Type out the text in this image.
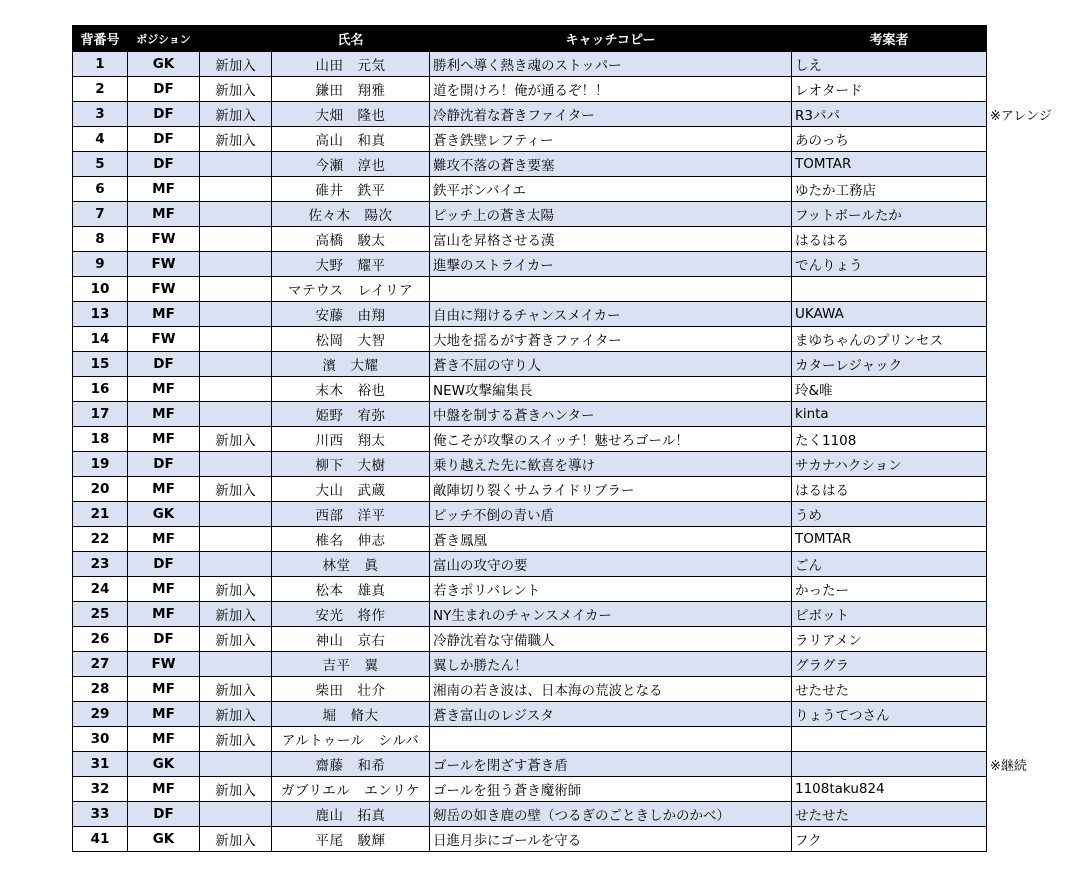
背番号	ポジション		氏名	キャッチコピー	考案者
1	GK	新加入	山田　元気	勝利へ導く熱き魂のストッパー	しえ
2	DF	新加入	鎌田　翔雅	道を開けろ！俺が通るぞ！！	レオタード
3	DF	新加入	大畑　隆也	冷静沈着な蒼きファイター	R3パパ
4	DF	新加入	高山　和真	蒼き鉄壁レフティー	あのっち
5	DF		今瀬　淳也	難攻不落の蒼き要塞	TOMTAR
6	MF		碓井　鉄平	鉄平ボンバイエ	ゆたか工務店
7	MF		佐々木　陽次	ピッチ上の蒼き太陽	フットボールたか
8	FW		高橋　駿太	富山を昇格させる漢	はるはる
9	FW		大野　耀平	進撃のストライカー	でんりょう
10	FW		マテウス　レイリア		
13	MF		安藤　由翔	自由に翔けるチャンスメイカー	UKAWA
14	FW		松岡　大智	大地を揺るがす蒼きファイター	まゆちゃんのプリンセス
15	DF		濱　大耀	蒼き不屈の守り人	カターレジャック
16	MF		末木　裕也	NEW攻撃編集長	玲&唯
17	MF		姫野　宥弥	中盤を制する蒼きハンター	kinta
18	MF	新加入	川西　翔太	俺こそが攻撃のスイッチ！魅せろゴール！	たく1108
19	DF		柳下　大樹	乗り越えた先に歓喜を導け	サカナハクション
20	MF	新加入	大山　武蔵	敵陣切り裂くサムライドリブラー	はるはる
21	GK		西部　洋平	ピッチ不倒の青い盾	うめ
22	MF		椎名　伸志	蒼き鳳凰	TOMTAR
23	DF		林堂　眞	富山の攻守の要	ごん
24	MF	新加入	松本　雄真	若きポリバレント	かったー
25	MF	新加入	安光　将作	NY生まれのチャンスメイカー	ピボット
26	DF	新加入	神山　京右	冷静沈着な守備職人	ラリアメン
27	FW		吉平　翼	翼しか勝たん！	グラグラ
28	MF	新加入	柴田　壮介	湘南の若き波は、日本海の荒波となる	せたせた
29	MF	新加入	堀　脩大	蒼き富山のレジスタ	りょうてつさん
30	MF	新加入	アルトゥール　シルバ		
31	GK		齋藤　和希	ゴールを閉ざす蒼き盾	
32	MF	新加入	ガブリエル　エンリケ	ゴールを狙う蒼き魔術師	1108taku824
33	DF		鹿山　拓真	剱岳の如き鹿の壁（つるぎのごときしかのかべ）	せたせた
41	GK	新加入	平尾　駿輝	日進月歩にゴールを守る	フク
※アレンジ
※継続
